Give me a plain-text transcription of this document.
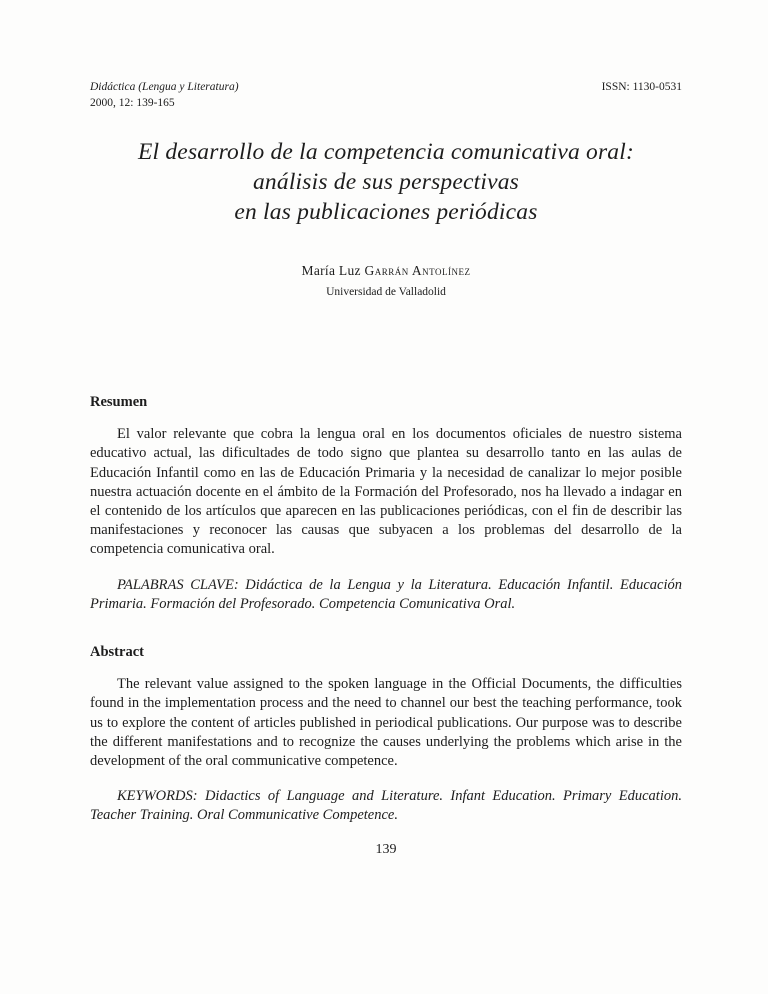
Didáctica (Lengua y Literatura)
2000, 12: 139-165
ISSN: 1130-0531
El desarrollo de la competencia comunicativa oral:
análisis de sus perspectivas
en las publicaciones periódicas
María Luz Garrán Antolínez
Universidad de Valladolid
Resumen

El valor relevante que cobra la lengua oral en los documentos oficiales de nuestro sistema educativo actual, las dificultades de todo signo que plantea su desarrollo tanto en las aulas de Educación Infantil como en las de Educación Primaria y la necesidad de canalizar lo mejor posible nuestra actuación docente en el ámbito de la Formación del Profesorado, nos ha llevado a indagar en el contenido de los artículos que aparecen en las publicaciones periódicas, con el fin de describir las manifestaciones y reconocer las causas que subyacen a los problemas del desarrollo de la competencia comunicativa oral.

PALABRAS CLAVE: Didáctica de la Lengua y la Literatura. Educación Infantil. Educación Primaria. Formación del Profesorado. Competencia Comunicativa Oral.

Abstract

The relevant value assigned to the spoken language in the Official Documents, the difficulties found in the implementation process and the need to channel our best the teaching performance, took us to explore the content of articles published in periodical publications. Our purpose was to describe the different manifestations and to recognize the causes underlying the problems which arise in the development of the oral communicative competence.

KEYWORDS: Didactics of Language and Literature. Infant Education. Primary Education. Teacher Training. Oral Communicative Competence.

139
